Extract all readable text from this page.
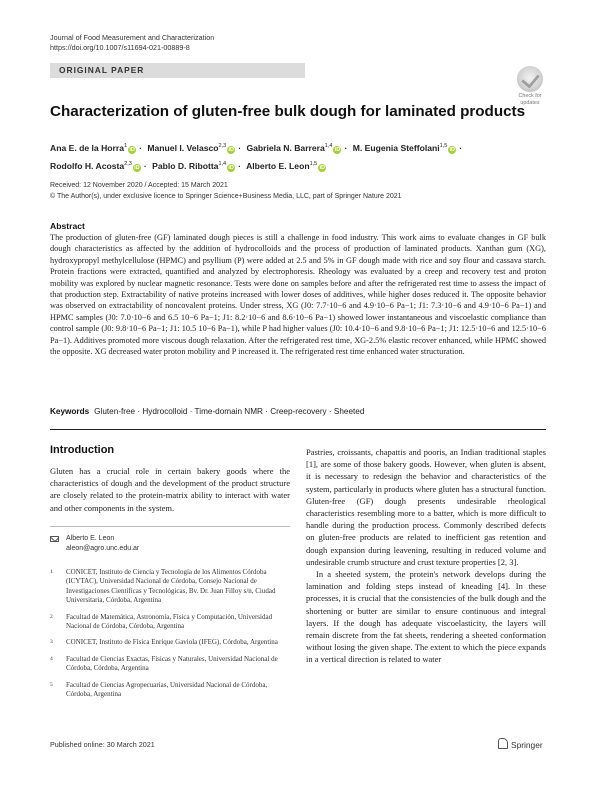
Journal of Food Measurement and Characterization
https://doi.org/10.1007/s11694-021-00889-8
ORIGINAL PAPER
Check for
updates
Characterization of gluten-free bulk dough for laminated products
Ana E. de la Horra$^1$iD · Manuel I. Velasco$^{2,3}$iD · Gabriela N. Barrera$^{1,4}$iD · M. Eugenia Steffolani$^{1,5}$iD ·
Rodolfo H. Acosta$^{2,3}$iD · Pablo D. Ribotta$^{1,4}$iD · Alberto E. Leon$^{1,5}$iD
Received: 12 November 2020 / Accepted: 15 March 2021
© The Author(s), under exclusive licence to Springer Science+Business Media, LLC, part of Springer Nature 2021
Abstract

The production of gluten-free (GF) laminated dough pieces is still a challenge in food industry. This work aims to evaluate changes in GF bulk dough characteristics as affected by the addition of hydrocolloids and the process of production of laminated products. Xanthan gum (XG), hydroxypropyl methylcellulose (HPMC) and psyllium (P) were added at 2.5 and 5% in GF dough made with rice and soy flour and cassava starch. Protein fractions were extracted, quantified and analyzed by electrophoresis. Rheology was evaluated by a creep and recovery test and proton mobility was explored by nuclear magnetic resonance. Tests were done on samples before and after the refrigerated rest time to assess the impact of that production step. Extractability of native proteins increased with lower doses of additives, while higher doses reduced it. The opposite behavior was observed on extractability of noncovalent proteins. Under stress, XG (J0: 7.7·10−6 and 4.9·10−6 Pa−1; J1: 7.3·10−6 and 4.9·10−6 Pa−1) and HPMC samples (J0: 7.0·10−6 and 6.5 10−6 Pa−1; J1: 8.2·10−6 and 8.6·10−6 Pa−1) showed lower instantaneous and viscoelastic compliance than control sample (J0: 9.8·10−6 Pa−1; J1: 10.5 10−6 Pa−1), while P had higher values (J0: 10.4·10−6 and 9.8·10−6 Pa−1; J1: 12.5·10−6 and 12.5·10−6 Pa−1). Additives promoted more viscous dough relaxation. After the refrigerated rest time, XG-2.5% elastic recover enhanced, while HPMC showed the opposite. XG decreased water proton mobility and P increased it. The refrigerated rest time enhanced water structuration.

Keywords Gluten-free · Hydrocolloid · Time-domain NMR · Creep-recovery · Sheeted
Introduction

Gluten has a crucial role in certain bakery goods where the characteristics of dough and the development of the product structure are closely related to the protein-matrix ability to interact with water and other components in the system.

Alberto E. Leon
aleon@agro.unc.edu.ar
1 CONICET, Instituto de Ciencia y Tecnología de los Alimentos Córdoba (ICYTAC), Universidad Nacional de Córdoba, Consejo Nacional de Investigaciones Científicas y Tecnológicas, Bv. Dr. Juan Filloy s/n, Ciudad Universitaria, Córdoba, Argentina
2 Facultad de Matemática, Astronomía, Física y Computación, Universidad Nacional de Córdoba, Córdoba, Argentina
3 CONICET, Instituto de Física Enrique Gaviola (IFEG), Córdoba, Argentina
4 Facultad de Ciencias Exactas, Físicas y Naturales, Universidad Nacional de Córdoba, Córdoba, Argentina
5 Facultad de Ciencias Agropecuarias, Universidad Nacional de Córdoba, Córdoba, Argentina

Pastries, croissants, chapattis and pooris, an Indian traditional staples [1], are some of those bakery goods. However, when gluten is absent, it is necessary to redesign the behavior and characteristics of the system, particularly in products where gluten has a structural function. Gluten-free (GF) dough presents undesirable rheological characteristics resembling more to a batter, which is more difficult to handle during the production process. Commonly described defects on gluten-free products are related to inefficient gas retention and dough expansion during leavening, resulting in reduced volume and undesirable crumb structure and crust texture properties [2, 3].

In a sheeted system, the protein's network develops during the lamination and folding steps instead of kneading [4]. In these processes, it is crucial that the consistencies of the bulk dough and the shortening or butter are similar to ensure continuous and integral layers. If the dough has adequate viscoelasticity, the layers will remain discrete from the fat sheets, rendering a sheeted conformation without losing the given shape. The extent to which the piece expands in a vertical direction is related to water

Published online: 30 March 2021	Springer
